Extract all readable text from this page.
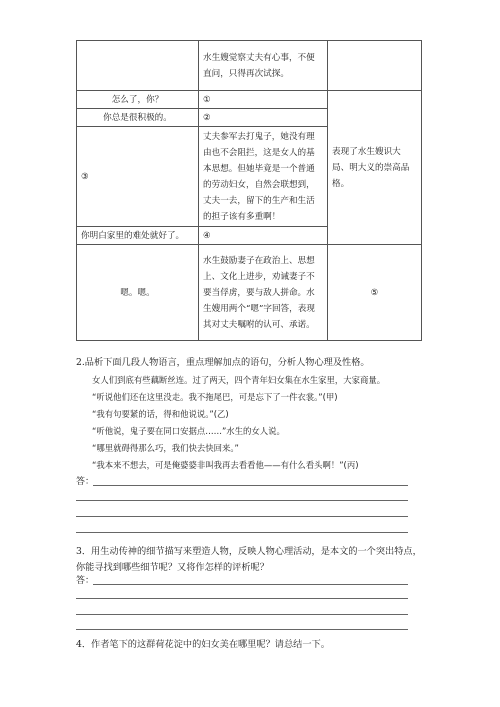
	水生嫂觉察丈夫有心事，不便直问，只得再次试探。	
怎么了，你？	①	表现了水生嫂识大局、明大义的崇高品格。
你总是很积极的。	②	
③	丈夫参军去打鬼子，她没有理由也不会阻拦，这是女人的基本思想。但她毕竟是一个普通的劳动妇女，自然会联想到，丈夫一去，留下的生产和生活的担子该有多重啊！	
你明白家里的难处就好了。	④	
嗯。嗯。	水生鼓励妻子在政治上、思想上、文化上进步，劝诫妻子不要当俘虏，要与敌人拼命。水生嫂用两个“嗯”字回答，表现其对丈夫嘱咐的认可、承诺。	⑤
2.品析下面几段人物语言，重点理解加点的语句，分析人物心理及性格。
女人们到底有些藕断丝连。过了两天，四个青年妇女集在水生家里，大家商量。
“听说他们还在这里没走。我不拖尾巴，可是忘下了一件衣裳。”(甲)
“我有句要紧的话，得和他说说。”(乙)
“听他说，鬼子要在同口安据点……”水生的女人说。
“哪里就碍得那么巧，我们快去快回来。”
“我本来不想去，可是俺婆婆非叫我再去看看他——有什么看头啊！”(丙)
答：
3．用生动传神的细节描写来塑造人物，反映人物心理活动，是本文的一个突出特点，你能寻找到哪些细节呢？又将作怎样的评析呢？
答：
4．作者笔下的这群荷花淀中的妇女美在哪里呢？请总结一下。
